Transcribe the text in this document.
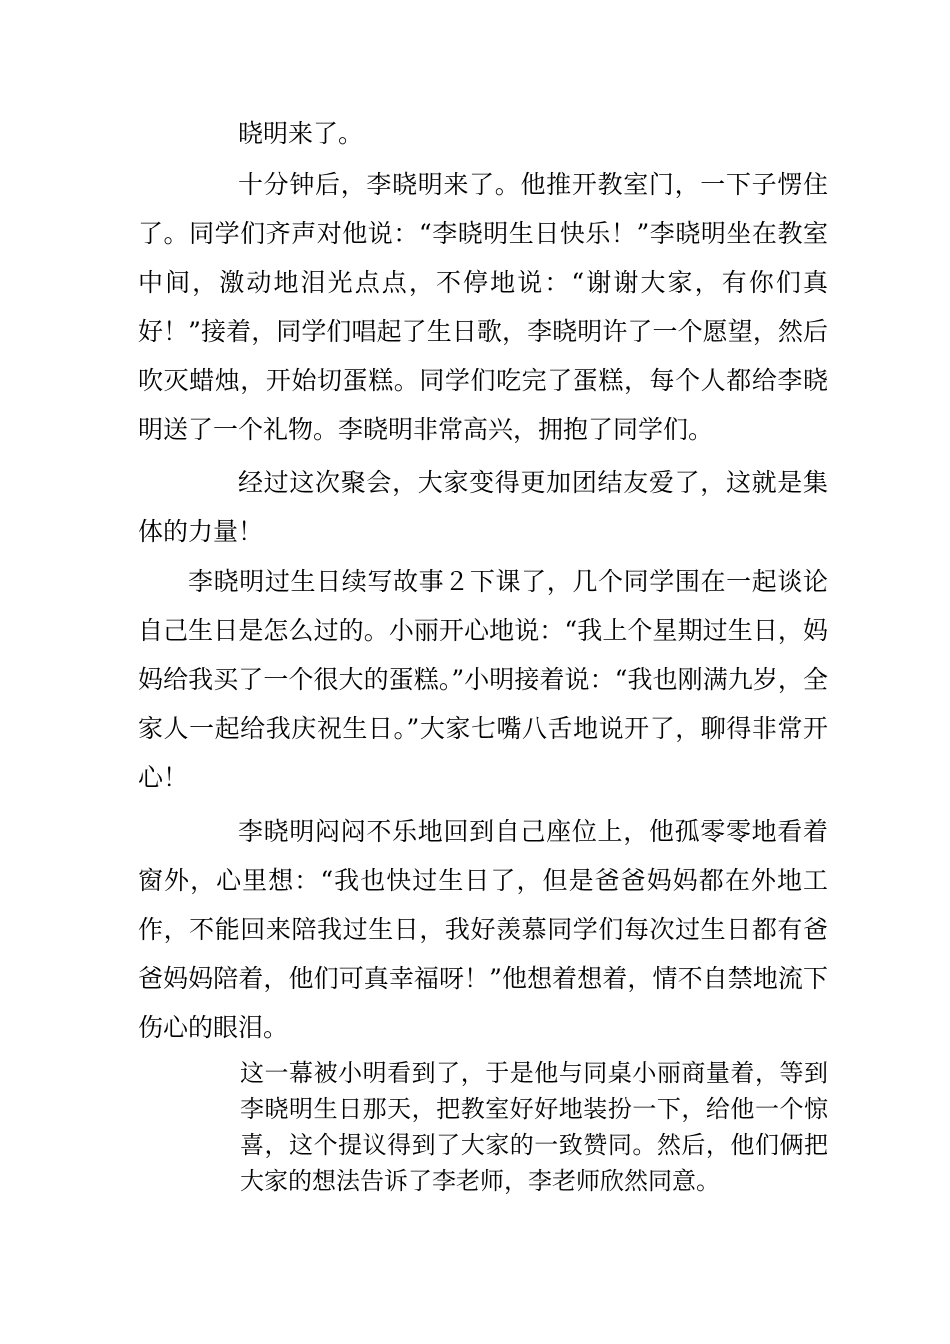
晓明来了。

十分钟后，李晓明来了。他推开教室门，一下子愣住了。同学们齐声对他说：“李晓明生日快乐！”李晓明坐在教室中间，激动地泪光点点，不停地说：“谢谢大家，有你们真好！”接着，同学们唱起了生日歌，李晓明许了一个愿望，然后吹灭蜡烛，开始切蛋糕。同学们吃完了蛋糕，每个人都给李晓明送了一个礼物。李晓明非常高兴，拥抱了同学们。

经过这次聚会，大家变得更加团结友爱了，这就是集体的力量！

李晓明过生日续写故事２下课了，几个同学围在一起谈论自己生日是怎么过的。小丽开心地说：“我上个星期过生日，妈妈给我买了一个很大的蛋糕。”小明接着说：“我也刚满九岁，全家人一起给我庆祝生日。”大家七嘴八舌地说开了，聊得非常开心！

李晓明闷闷不乐地回到自己座位上，他孤零零地看着窗外，心里想：“我也快过生日了，但是爸爸妈妈都在外地工作，不能回来陪我过生日，我好羡慕同学们每次过生日都有爸爸妈妈陪着，他们可真幸福呀！”他想着想着，情不自禁地流下伤心的眼泪。

这一幕被小明看到了，于是他与同桌小丽商量着，等到李晓明生日那天，把教室好好地装扮一下，给他一个惊喜，这个提议得到了大家的一致赞同。然后，他们俩把大家的想法告诉了李老师，李老师欣然同意。
